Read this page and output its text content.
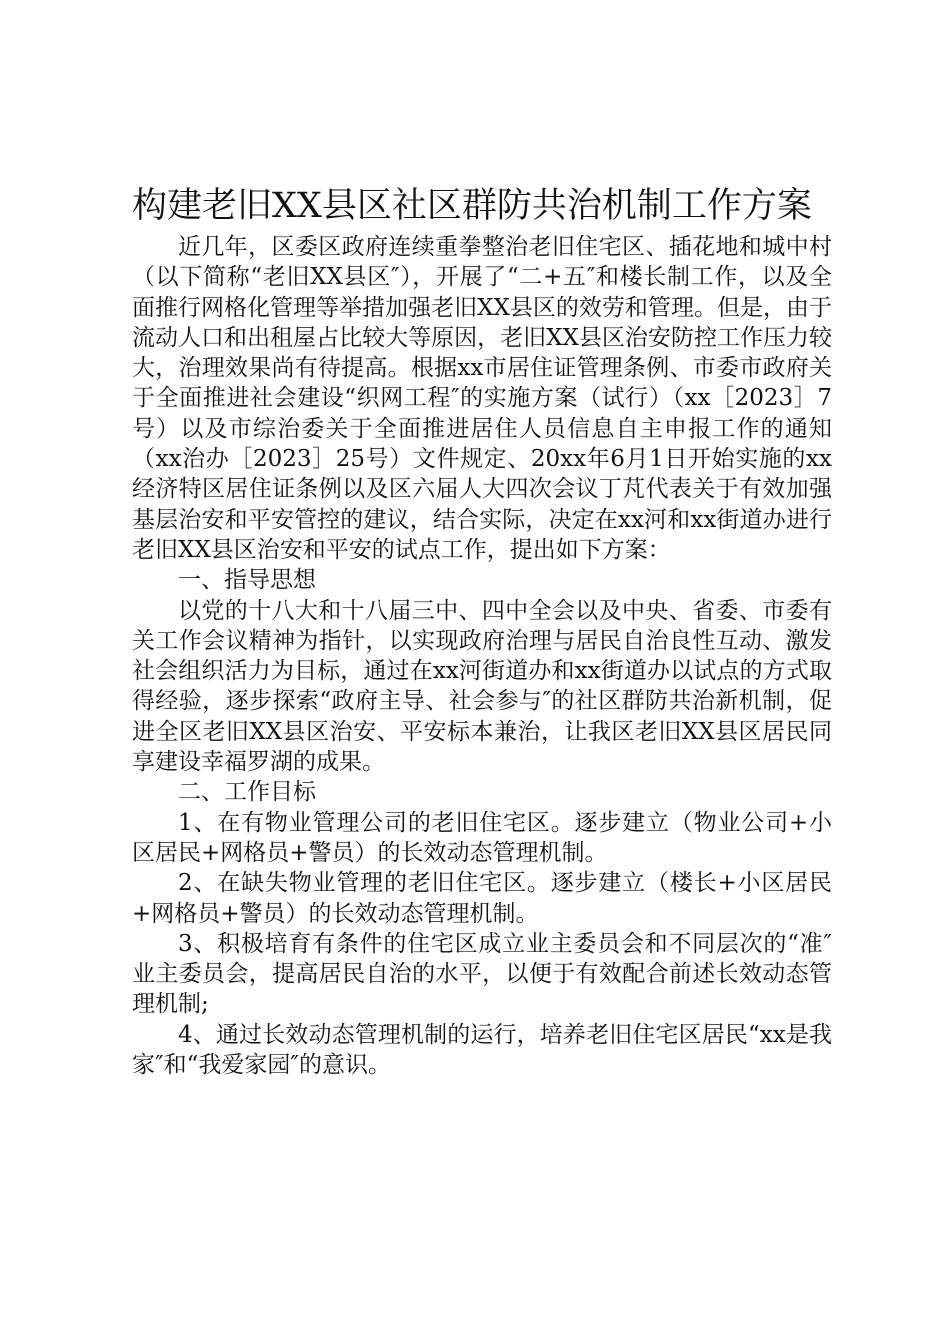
构建老旧XX县区社区群防共治机制工作方案

近几年，区委区政府连续重拳整治老旧住宅区、插花地和城中村（以下简称“老旧XX县区″），开展了“二+五″和楼长制工作，以及全面推行网格化管理等举措加强老旧XX县区的效劳和管理。但是，由于流动人口和出租屋占比较大等原因，老旧XX县区治安防控工作压力较大，治理效果尚有待提高。根据xx市居住证管理条例、市委市政府关于全面推进社会建设“织网工程″的实施方案（试行）（xx［2023］7号）以及市综治委关于全面推进居住人员信息自主申报工作的通知（xx治办［2023］25号）文件规定、20xx年6月1日开始实施的xx经济特区居住证条例以及区六届人大四次会议丁芃代表关于有效加强基层治安和平安管控的建议，结合实际，决定在xx河和xx街道办进行老旧XX县区治安和平安的试点工作，提出如下方案：

一、指导思想

以党的十八大和十八届三中、四中全会以及中央、省委、市委有关工作会议精神为指针，以实现政府治理与居民自治良性互动、激发社会组织活力为目标，通过在xx河街道办和xx街道办以试点的方式取得经验，逐步探索“政府主导、社会参与″的社区群防共治新机制，促进全区老旧XX县区治安、平安标本兼治，让我区老旧XX县区居民同享建设幸福罗湖的成果。

二、工作目标

1、在有物业管理公司的老旧住宅区。逐步建立（物业公司+小区居民+网格员+警员）的长效动态管理机制。

2、在缺失物业管理的老旧住宅区。逐步建立（楼长+小区居民+网格员+警员）的长效动态管理机制。

3、积极培育有条件的住宅区成立业主委员会和不同层次的“准″业主委员会，提高居民自治的水平，以便于有效配合前述长效动态管理机制;

4、通过长效动态管理机制的运行，培养老旧住宅区居民“xx是我家″和“我爱家园″的意识。
